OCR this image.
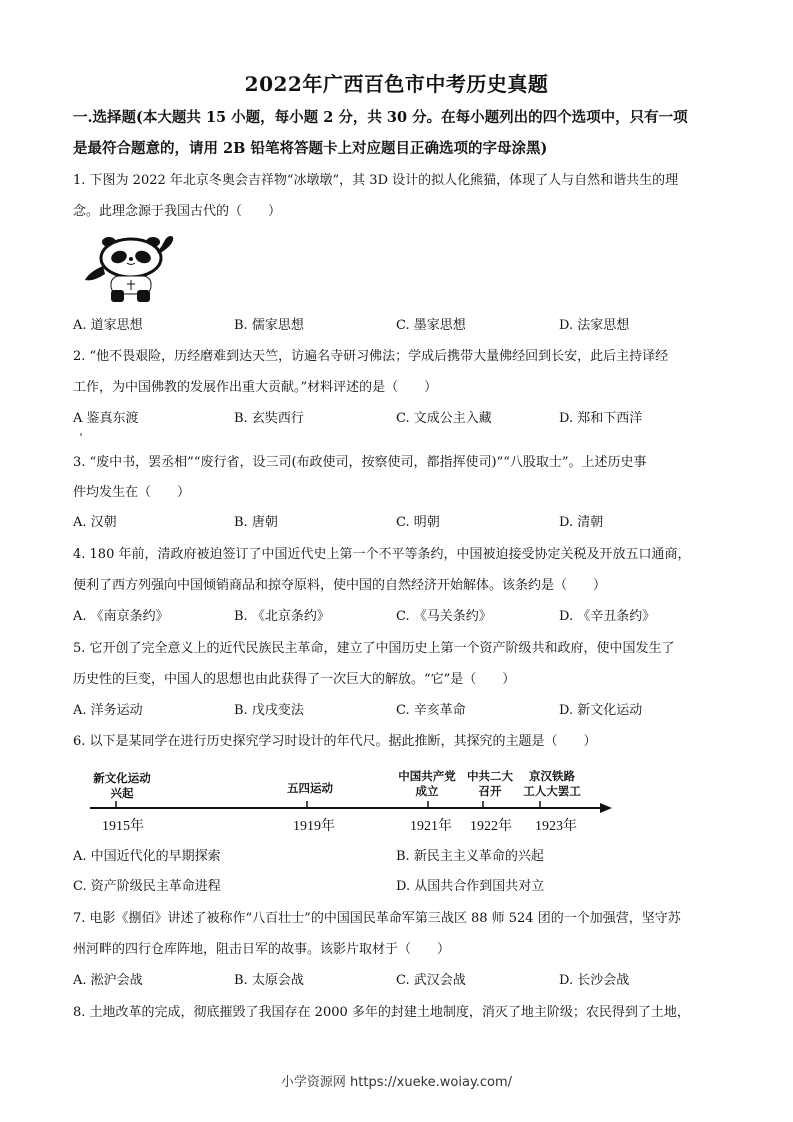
2022年广西百色市中考历史真题
一.选择题(本大题共 15 小题，每小题 2 分，共 30 分。在每小题列出的四个选项中，只有一项
是最符合题意的，请用 2B 铅笔将答题卡上对应题目正确选项的字母涂黑)
1. 下图为 2022 年北京冬奥会吉祥物“冰墩墩”，其 3D 设计的拟人化熊猫，体现了人与自然和谐共生的理
念。此理念源于我国古代的（　　）
A. 道家思想	B. 儒家思想	C. 墨家思想	D. 法家思想
2. “他不畏艰险，历经磨难到达天竺，访遍名寺研习佛法；学成后携带大量佛经回到长安，此后主持译经
工作，为中国佛教的发展作出重大贡献。”材料评述的是（　　）
A 鉴真东渡	B. 玄奘西行	C. 文成公主入藏	D. 郑和下西洋
3. “废中书，罢丞相”“废行省，设三司(布政使司，按察使司，都指挥使司)”“八股取士”。上述历史事
件均发生在（　　）
A. 汉朝	B. 唐朝	C. 明朝	D. 清朝
4. 180 年前，清政府被迫签订了中国近代史上第一个不平等条约，中国被迫接受协定关税及开放五口通商，
便利了西方列强向中国倾销商品和掠夺原料，使中国的自然经济开始解体。该条约是（　　）
A. 《南京条约》	B. 《北京条约》	C. 《马关条约》	D. 《辛丑条约》
5. 它开创了完全意义上的近代民族民主革命，建立了中国历史上第一个资产阶级共和政府，使中国发生了
历史性的巨变，中国人的思想也由此获得了一次巨大的解放。“它”是（　　）
A. 洋务运动	B. 戊戌变法	C. 辛亥革命	D. 新文化运动
6. 以下是某同学在进行历史探究学习时设计的年代尺。据此推断，其探究的主题是（　　）
新文化运动
兴起
1915年
五四运动
1919年
中国共产党
成立
1921年
中共二大
召开
1922年
京汉铁路
工人大罢工
1923年
A. 中国近代化的早期探索	B. 新民主主义革命的兴起
C. 资产阶级民主革命进程	D. 从国共合作到国共对立
7. 电影《捌佰》讲述了被称作“八百壮士”的中国国民革命军第三战区 88 师 524 团的一个加强营，坚守苏
州河畔的四行仓库阵地，阻击日军的故事。该影片取材于（　　）
A. 淞沪会战	B. 太原会战	C. 武汉会战	D. 长沙会战
8. 土地改革的完成，彻底摧毁了我国存在 2000 多年的封建土地制度，消灭了地主阶级；农民得到了土地，
小学资源网 https://xueke.woiay.com/
